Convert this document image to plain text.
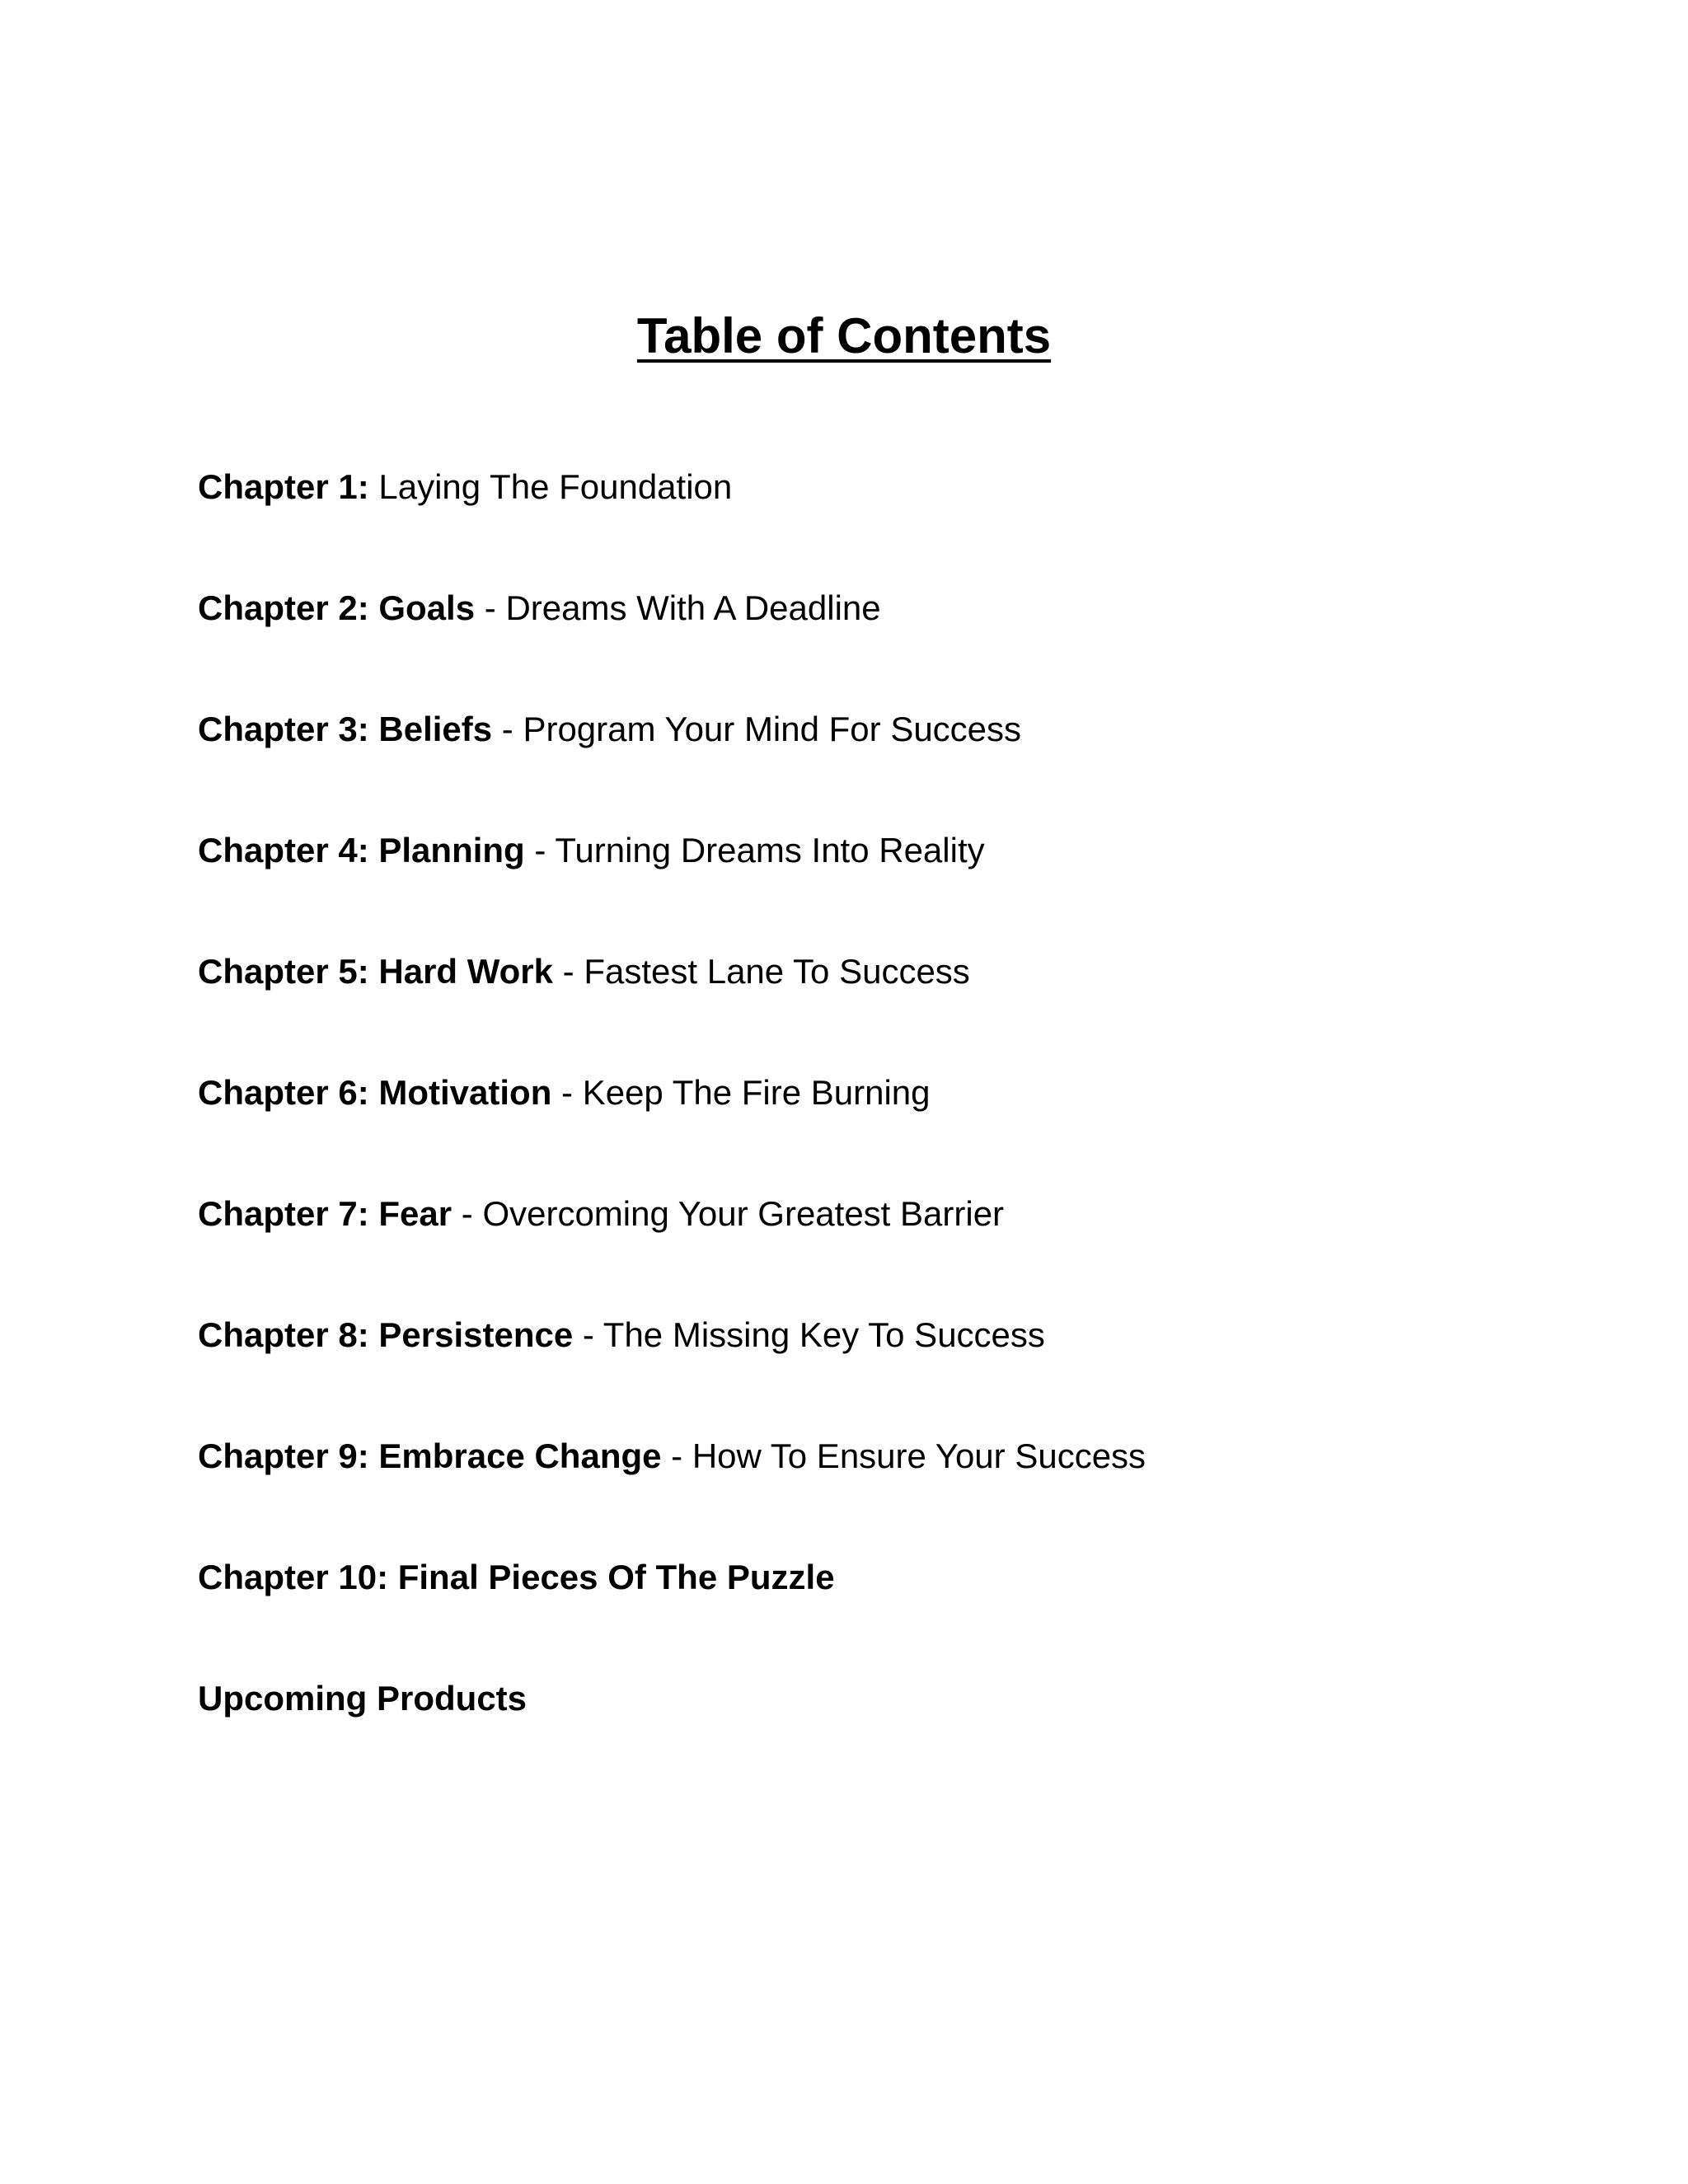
Table of Contents
Chapter 1: Laying The Foundation
Chapter 2: Goals - Dreams With A Deadline
Chapter 3: Beliefs - Program Your Mind For Success
Chapter 4: Planning - Turning Dreams Into Reality
Chapter 5: Hard Work - Fastest Lane To Success
Chapter 6: Motivation - Keep The Fire Burning
Chapter 7: Fear - Overcoming Your Greatest Barrier
Chapter 8: Persistence - The Missing Key To Success
Chapter 9: Embrace Change - How To Ensure Your Success
Chapter 10: Final Pieces Of The Puzzle
Upcoming Products
